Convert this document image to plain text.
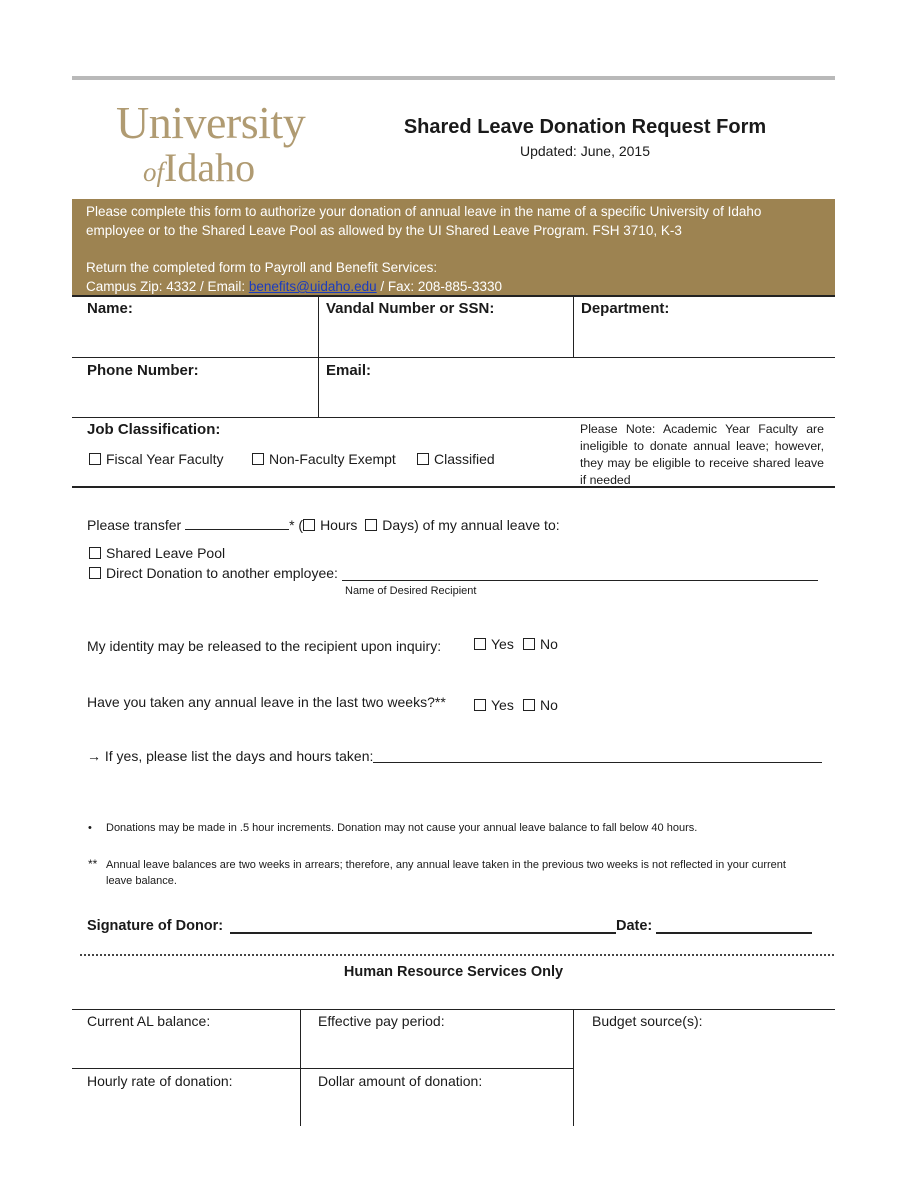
University
ofIdaho
Shared Leave Donation Request Form
Updated: June, 2015
Please complete this form to authorize your donation of annual leave in the name of a specific University of Idaho
employee or to the Shared Leave Pool as allowed by the UI Shared Leave Program. FSH 3710, K-3
Return the completed form to Payroll and Benefit Services:
Campus Zip: 4332 / Email: benefits@uidaho.edu / Fax: 208-885-3330
Name:	Vandal Number or SSN:	Department:
Phone Number:	Email:
Job Classification:
Fiscal Year Faculty	Non-Faculty Exempt	Classified
Please Note: Academic Year Faculty are ineligible to donate annual leave; however, they may be eligible to receive shared leave if needed
Please transfer	* ( Hours Days) of my annual leave to:
Shared Leave Pool
Direct Donation to another employee:
Name of Desired Recipient
My identity may be released to the recipient upon inquiry:	Yes	No
Have you taken any annual leave in the last two weeks?**	Yes	No
→ If yes, please list the days and hours taken:
• Donations may be made in .5 hour increments. Donation may not cause your annual leave balance to fall below 40 hours.
** Annual leave balances are two weeks in arrears; therefore, any annual leave taken in the previous two weeks is not reflected in your current
leave balance.
Signature of Donor:	Date:
Human Resource Services Only
Current AL balance:	Effective pay period:	Budget source(s):
Hourly rate of donation:	Dollar amount of donation:
